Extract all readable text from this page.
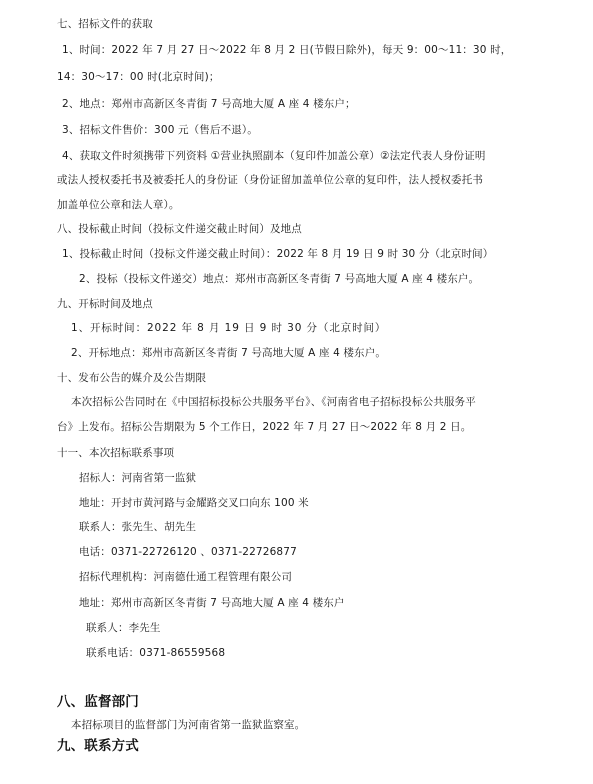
七、招标文件的获取
1、时间：2022 年 7 月 27 日～2022 年 8 月 2 日(节假日除外)，每天 9：00～11：30 时，
14：30～17：00 时(北京时间)；
2、地点：郑州市高新区冬青街 7 号高地大厦 A 座 4 楼东户；
3、招标文件售价：300 元（售后不退）。
4、获取文件时须携带下列资料 ①营业执照副本（复印件加盖公章）②法定代表人身份证明
或法人授权委托书及被委托人的身份证（身份证留加盖单位公章的复印件，法人授权委托书
加盖单位公章和法人章）。
八、投标截止时间（投标文件递交截止时间）及地点
1、投标截止时间（投标文件递交截止时间）：2022 年 8 月 19 日 9 时 30 分（北京时间）
2、投标（投标文件递交）地点：郑州市高新区冬青街 7 号高地大厦 A 座 4 楼东户。
九、开标时间及地点
1、开标时间：2022 年 8 月 19 日 9 时 30 分（北京时间）
2、开标地点：郑州市高新区冬青街 7 号高地大厦 A 座 4 楼东户。
十、发布公告的媒介及公告期限
本次招标公告同时在《中国招标投标公共服务平台》、《河南省电子招标投标公共服务平
台》上发布。招标公告期限为 5 个工作日，2022 年 7 月 27 日～2022 年 8 月 2 日。
十一、本次招标联系事项
招标人：河南省第一监狱
地址：开封市黄河路与金耀路交叉口向东 100 米
联系人：张先生、胡先生
电话：0371-22726120 、0371-22726877
招标代理机构：河南德仕通工程管理有限公司
地址：郑州市高新区冬青街 7 号高地大厦 A 座 4 楼东户
联系人：李先生
联系电话：0371-86559568
八、监督部门
本招标项目的监督部门为河南省第一监狱监察室。
九、联系方式
